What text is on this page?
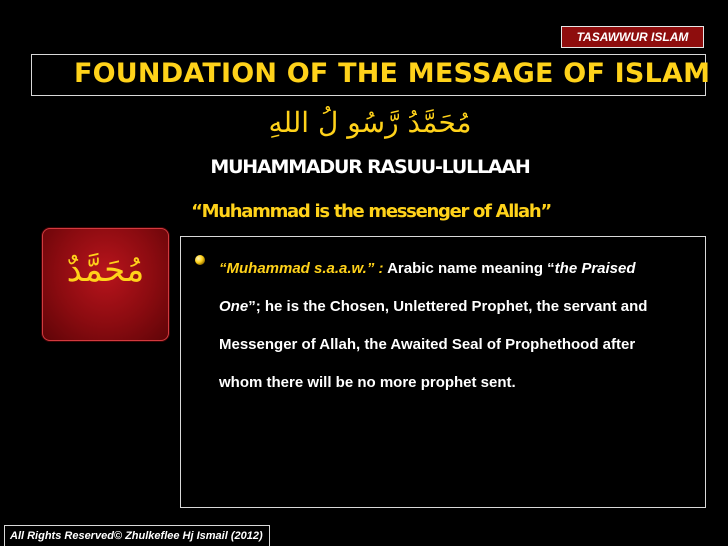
TASAWWUR ISLAM
FOUNDATION OF THE MESSAGE OF ISLAM
مُحَمَّدُ رَّسُو لُ اللهِ
MUHAMMADUR RASUU-LULLAAH
“Muhammad is the messenger of Allah”
مُحَمَّدٌ	“Muhammad s.a.a.w.” : Arabic name meaning “the Praised One”; he is the Chosen, Unlettered Prophet, the servant and Messenger of Allah, the Awaited Seal of Prophethood after whom there will be no more prophet sent.
All Rights Reserved© Zhulkeflee Hj Ismail (2012)
